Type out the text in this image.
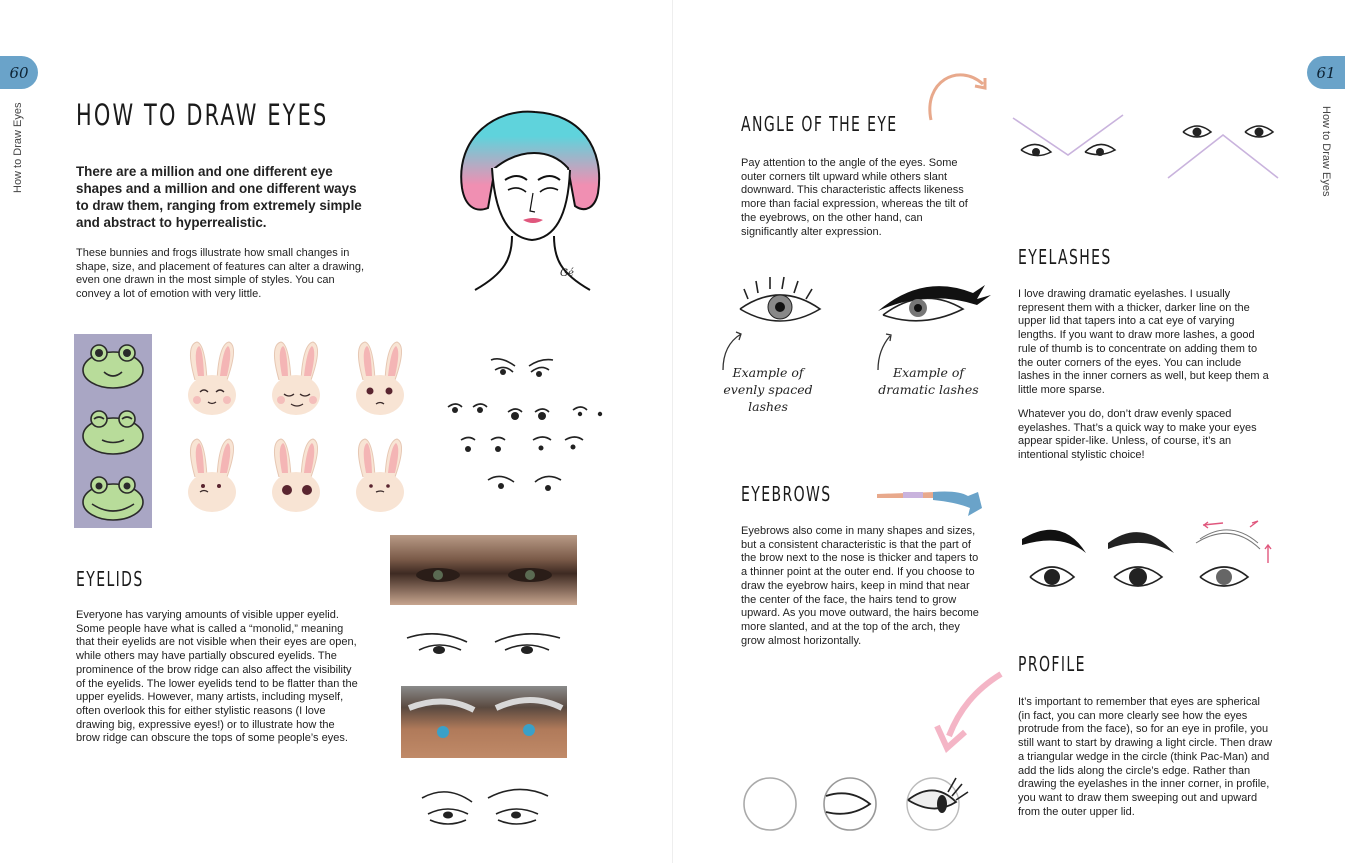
60
How to Draw Eyes HOW TO DRAW EYES
There are a million and one different eye shapes and a million and one different ways to draw them, ranging from extremely simple and abstract to hyperrealistic.
These bunnies and frogs illustrate how small changes in shape, size, and placement of features can alter a drawing, even one drawn in the most simple of styles. You can convey a lot of emotion with very little.
Gé
EYELIDS
Everyone has varying amounts of visible upper eyelid. Some people have what is called a “monolid,” meaning that their eyelids are not visible when their eyes are open, while others may have partially obscured eyelids. The prominence of the brow ridge can also affect the visibility of the eyelids. The lower eyelids tend to be flatter than the upper eyelids. However, many artists, including myself, often overlook this for either stylistic reasons (I love drawing big, expressive eyes!) or to illustrate how the brow ridge can obscure the tops of some people’s eyes.
61
How to Draw Eyes
ANGLE OF THE EYE
Pay attention to the angle of the eyes. Some outer corners tilt upward while others slant downward. This characteristic affects likeness more than facial expression, whereas the tilt of the eyebrows, on the other hand, can significantly alter expression.
EYELASHES
I love drawing dramatic eyelashes. I usually represent them with a thicker, darker line on the upper lid that tapers into a cat eye of varying lengths. If you want to draw more lashes, a good rule of thumb is to concentrate on adding them to the outer corners of the eyes. You can include lashes in the inner corners as well, but keep them a little more sparse.
Whatever you do, don’t draw evenly spaced eyelashes. That’s a quick way to make your eyes appear spider-like. Unless, of course, it’s an intentional stylistic choice!
Example of evenly spaced lashes
Example of dramatic lashes
EYEBROWS
Eyebrows also come in many shapes and sizes, but a consistent characteristic is that the part of the brow next to the nose is thicker and tapers to a thinner point at the outer end. If you choose to draw the eyebrow hairs, keep in mind that near the center of the face, the hairs tend to grow upward. As you move outward, the hairs become more slanted, and at the top of the arch, they grow almost horizontally.
PROFILE
It’s important to remember that eyes are spherical (in fact, you can more clearly see how the eyes protrude from the face), so for an eye in profile, you still want to start by drawing a light circle. Then draw a triangular wedge in the circle (think Pac-Man) and add the lids along the circle’s edge. Rather than drawing the eyelashes in the inner corner, in profile, you want to draw them sweeping out and upward from the outer upper lid.
